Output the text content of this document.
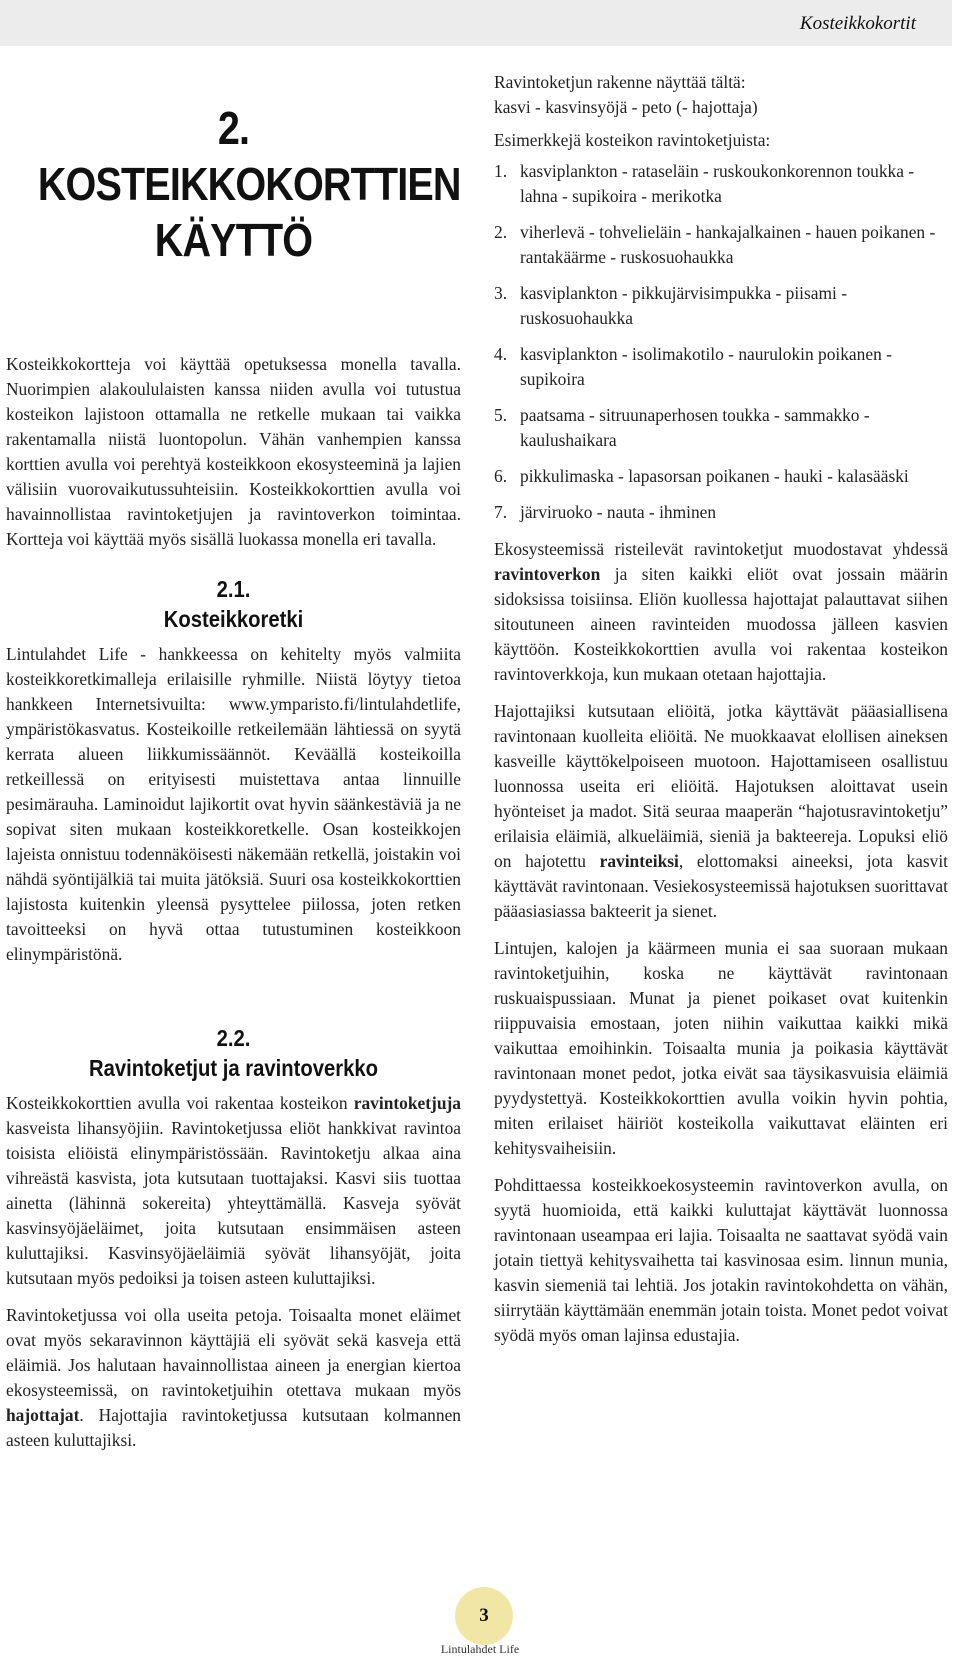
Kosteikkokortit
2.
KOSTEIKKOKORTTIEN
KÄYTTÖ

Kosteikkokortteja voi käyttää opetuksessa monella tavalla. Nuorimpien alakoululaisten kanssa niiden avulla voi tutustua kosteikon lajistoon ottamalla ne retkelle mukaan tai vaikka rakentamalla niistä luontopolun. Vähän vanhempien kanssa korttien avulla voi perehtyä kosteikkoon ekosysteeminä ja lajien välisiin vuorovaikutussuhteisiin. Kosteikkokorttien avulla voi havainnollistaa ravintoketjujen ja ravintoverkon toimintaa. Kortteja voi käyttää myös sisällä luokassa monella eri tavalla.

2.1.
Kosteikkoretki

Lintulahdet Life - hankkeessa on kehitelty myös valmiita kosteikkoretkimalleja erilaisille ryhmille. Niistä löytyy tietoa hankkeen Internetsivuilta: www.ymparisto.fi/lintulahdetlife, ympäristökasvatus. Kosteikoille retkeilemään lähtiessä on syytä kerrata alueen liikkumissäännöt. Keväällä kosteikoilla retkeillessä on erityisesti muistettava antaa linnuille pesimärauha. Laminoidut lajikortit ovat hyvin säänkestäviä ja ne sopivat siten mukaan kosteikkoretkelle. Osan kosteikkojen lajeista onnistuu todennäköisesti näkemään retkellä, joistakin voi nähdä syöntijälkiä tai muita jätöksiä. Suuri osa kosteikkokorttien lajistosta kuitenkin yleensä pysyttelee piilossa, joten retken tavoitteeksi on hyvä ottaa tutustuminen kosteikkoon elinympäristönä.

2.2.
Ravintoketjut ja ravintoverkko

Kosteikkokorttien avulla voi rakentaa kosteikon ravintoketjuja kasveista lihansyöjiin. Ravintoketjussa eliöt hankkivat ravintoa toisista eliöistä elinympäristössään. Ravintoketju alkaa aina vihreästä kasvista, jota kutsutaan tuottajaksi. Kasvi siis tuottaa ainetta (lähinnä sokereita) yhteyttämällä. Kasveja syövät kasvinsyöjäeläimet, joita kutsutaan ensimmäisen asteen kuluttajiksi. Kasvinsyöjäeläimiä syövät lihansyöjät, joita kutsutaan myös pedoiksi ja toisen asteen kuluttajiksi.

Ravintoketjussa voi olla useita petoja. Toisaalta monet eläimet ovat myös sekaravinnon käyttäjiä eli syövät sekä kasveja että eläimiä. Jos halutaan havainnollistaa aineen ja energian kiertoa ekosysteemissä, on ravintoketjuihin otettava mukaan myös hajottajat. Hajottajia ravintoketjussa kutsutaan kolmannen asteen kuluttajiksi.

Ravintoketjun rakenne näyttää tältä:
kasvi - kasvinsyöjä - peto (- hajottaja)

Esimerkkejä kosteikon ravintoketjuista:

1. kasviplankton - rataseläin - ruskoukonkorennon toukka - lahna - supikoira - merikotka
2. viherlevä - tohvelieläin - hankajalkainen - hauen poikanen - rantakäärme - ruskosuohaukka
3. kasviplankton - pikkujärvisimpukka - piisami - ruskosuohaukka
4. kasviplankton - isolimakotilo - naurulokin poikanen - supikoira
5. paatsama - sitruunaperhosen toukka - sammakko - kaulushaikara
6. pikkulimaska - lapasorsan poikanen - hauki - kalasääski
7. järviruoko - nauta - ihminen

Ekosysteemissä risteilevät ravintoketjut muodostavat yhdessä ravintoverkon ja siten kaikki eliöt ovat jossain määrin sidoksissa toisiinsa. Eliön kuollessa hajottajat palauttavat siihen sitoutuneen aineen ravinteiden muodossa jälleen kasvien käyttöön. Kosteikkokorttien avulla voi rakentaa kosteikon ravintoverkkoja, kun mukaan otetaan hajottajia.

Hajottajiksi kutsutaan eliöitä, jotka käyttävät pääasiallisena ravintonaan kuolleita eliöitä. Ne muokkaavat elollisen aineksen kasveille käyttökelpoiseen muotoon. Hajottamiseen osallistuu luonnossa useita eri eliöitä. Hajotuksen aloittavat usein hyönteiset ja madot. Sitä seuraa maaperän “hajotusravintoketju” erilaisia eläimiä, alkueläimiä, sieniä ja bakteereja. Lopuksi eliö on hajotettu ravinteiksi, elottomaksi aineeksi, jota kasvit käyttävät ravintonaan. Vesiekosysteemissä hajotuksen suorittavat pääasiasiassa bakteerit ja sienet.

Lintujen, kalojen ja käärmeen munia ei saa suoraan mukaan ravintoketjuihin, koska ne käyttävät ravintonaan ruskuaispussiaan. Munat ja pienet poikaset ovat kuitenkin riippuvaisia emostaan, joten niihin vaikuttaa kaikki mikä vaikuttaa emoihinkin. Toisaalta munia ja poikasia käyttävät ravintonaan monet pedot, jotka eivät saa täysikasvuisia eläimiä pyydystettyä. Kosteikkokorttien avulla voikin hyvin pohtia, miten erilaiset häiriöt kosteikolla vaikuttavat eläinten eri kehitysvaiheisiin.

Pohdittaessa kosteikkoekosysteemin ravintoverkon avulla, on syytä huomioida, että kaikki kuluttajat käyttävät luonnossa ravintonaan useampaa eri lajia. Toisaalta ne saattavat syödä vain jotain tiettyä kehitysvaihetta tai kasvinosaa esim. linnun munia, kasvin siemeniä tai lehtiä. Jos jotakin ravintokohdetta on vähän, siirrytään käyttämään enemmän jotain toista. Monet pedot voivat syödä myös oman lajinsa edustajia.

3
Lintulahdet Life
